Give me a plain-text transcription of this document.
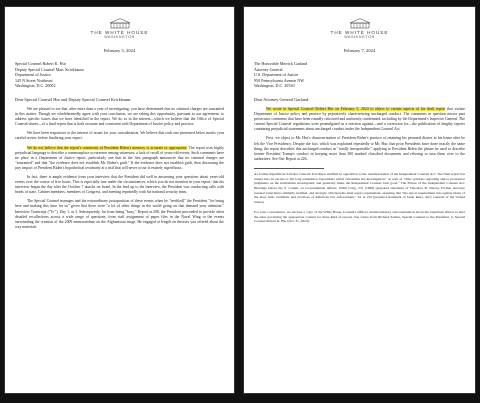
THE WHITE HOUSE
WASHINGTON
February 5, 2024
Special Counsel Robert K. Hur
Deputy Special Counsel Marc Krickbaum
Department of Justice
145 N Street Northeast
Washington, D.C. 20002
Dear Special Counsel Hur and Deputy Special Counsel Krickbaum:

We are pleased to see that, after more than a year of investigating, you have determined that no criminal charges are warranted in this matter. Though we wholeheartedly agree with your conclusion, we are taking this opportunity, pursuant to our agreement, to address specific issues that we have identified in the report. We do so in the interest—which we believe that the Office of Special Counsel shares—of a final report that is both accurate and consistent with Department of Justice policy and practice.

We have been responsive to the interest of issues for your consideration. We believe that each one presented below merits your careful review before finalizing your report.

We do not believe that the report's comments of President Biden's memory is accurate or appropriate. The report uses highly prejudicial language to describe a commonplace occurrence among witnesses: a lack of recall of years-old events. Such comments have no place in a Department of Justice report, particularly one that in the first paragraph announces that no criminal charges are "warranted" and that "the evidence does not establish Mr. Biden's guilt." If the evidence does not establish guilt, then discussing the jury impact of President Biden's hypothetical testimony at a trial that will never occur is entirely superfluous.

In fact, there is ample evidence from your interview that the President did well in answering your questions about years-old events over the course of five hours. This is especially true under the circumstances, which you do not mention in your report: that his interview began the day after the October 7 attacks on Israel. In the lead up to the interview, the President was conducting calls with heads of state, Cabinet members, members of Congress, and meeting repeatedly with his national security team.

The Special Counsel manages and the extraordinary juxtaposition of these events when he "teeth[ed]" the President "for being here and making this time for us" given that there were "a lot of other things in the world going on that demand your attention." Interview Transcript ("Tr."), Day 1, at 3. Subsequently, far from being "busy," Report at 208, the President proceeded to provide often detailed recollections across a wide range of questions, from staff assignment of paper files in the Naval Wing to the events surrounding the creation of the 2009 memorandum on the Afghanistan surge. He engaged at length on theories you offered about the way materials

THE WHITE HOUSE
WASHINGTON
February 7, 2024
The Honorable Merrick Garland
Attorney General
U.S. Department of Justice
950 Pennsylvania Avenue NW
Washington, D.C. 20530
Dear Attorney General Garland:

We wrote to Special Counsel Robert Hur on February 5, 2024 to object to certain aspects of his draft report that violate Department of Justice policy and practice by pejoratively characterizing uncharged conduct. The comments in question mirror past prosecutor comments that have been roundly criticized and uniformly condemned, including by the Department's Inspector General. The current Special Counsel regulations were promulgated as a reaction against—and a correction for—the publication of lengthy reports containing prejudicial statements about uncharged conduct under the Independent Counsel Act.

First, we object to Mr. Hur's characterization of President Biden's practice of retaining his personal diaries in his home after he left the Vice Presidency. Despite the fact, which was explained repeatedly to Mr. Hur, that prior Presidents have done exactly the same thing, the report describes this uncharged conduct as "totally irresponsible," applying to President Biden the phrase he used to describe former President Trump's conduct in keeping more than 300 marked classified documents and refusing to turn them over to the authorities. See Our Report at 226.

As former Republican Solicitor General Ted Olson testified in opposition to the reauthorization of the Independent Counsel Act: "the final report has turned into an excuse to file long exhaustive expositions which rationalize the investigation," as well as "offer opinions regarding and/or pronounce judgments on the individuals investigated, and generally make the Independent Counsel look good." The Future of the Independent Counsel Act: Hearings before the S. Comm. on Governmental Affairs, 106th Cong. 231 (1999) (prepared statement of Theodore B. Olson). Former Attorney General Janet Reno similarly testified, and strongly criticized the final report requirement, asserting that "the report requirement cuts against many of the most basic traditions and practices of American law enforcement." Id. at 252 (prepared statement of Janet Reno, Att'y General of the United States).

For your convenience, we enclose a copy of the White House Counsel's Office's detailed history and explanation about the bipartisan efforts to alter the rules governing the appropriate content for these kind of reports. See Letter from Richard Sauber, Special Counsel to the President, to Special Counsel Robert K. Hur (Oct. 31, 2023).
